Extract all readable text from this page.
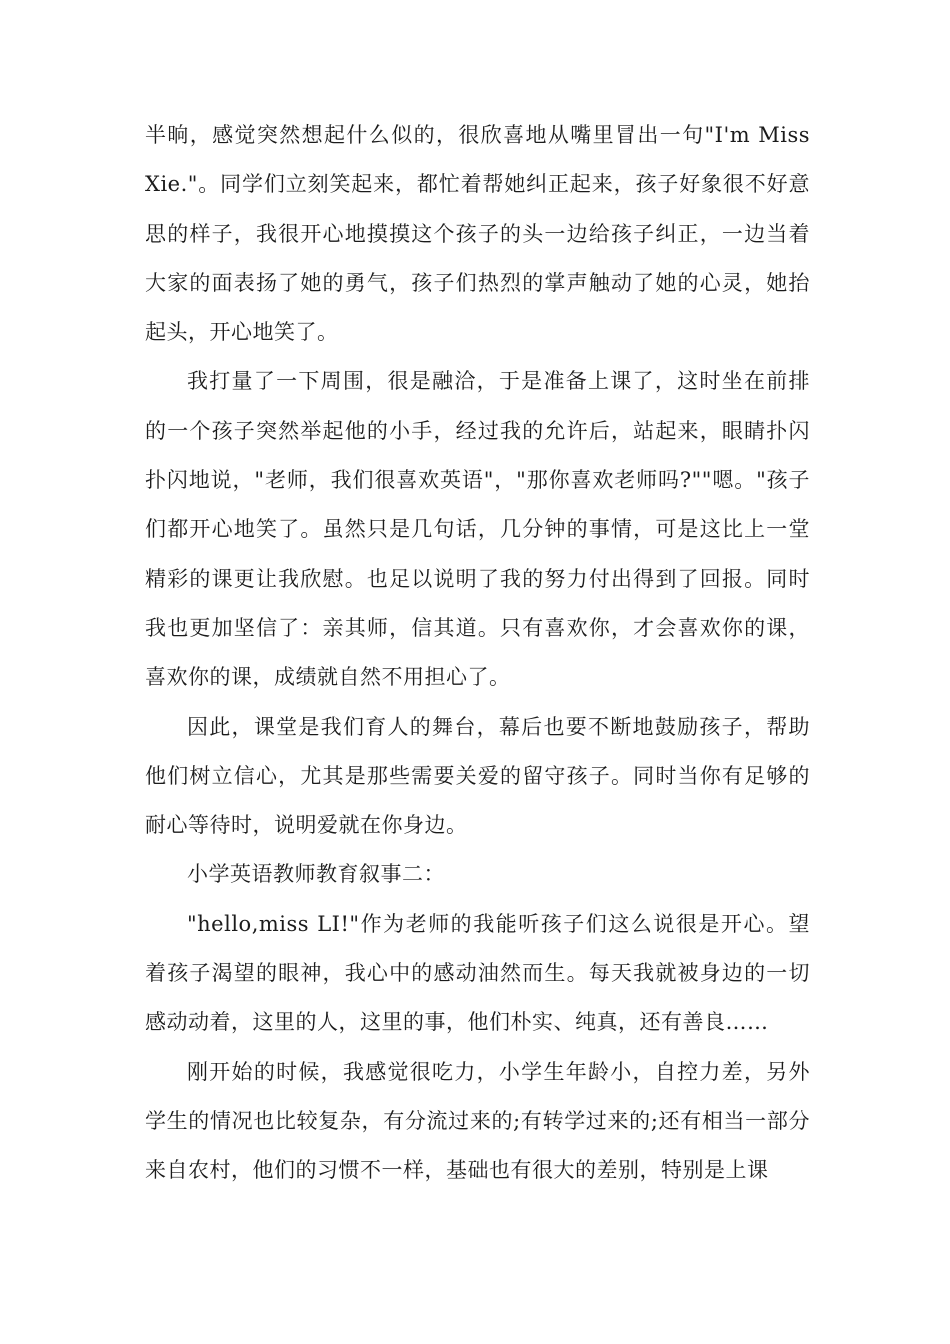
半晌，感觉突然想起什么似的，很欣喜地从嘴里冒出一句"I'm Miss Xie."。同学们立刻笑起来，都忙着帮她纠正起来，孩子好象很不好意思的样子，我很开心地摸摸这个孩子的头一边给孩子纠正，一边当着大家的面表扬了她的勇气，孩子们热烈的掌声触动了她的心灵，她抬起头，开心地笑了。

我打量了一下周围，很是融洽，于是准备上课了，这时坐在前排的一个孩子突然举起他的小手，经过我的允许后，站起来，眼睛扑闪扑闪地说，"老师，我们很喜欢英语"，"那你喜欢老师吗?""嗯。"孩子们都开心地笑了。虽然只是几句话，几分钟的事情，可是这比上一堂精彩的课更让我欣慰。也足以说明了我的努力付出得到了回报。同时我也更加坚信了：亲其师，信其道。只有喜欢你，才会喜欢你的课，喜欢你的课，成绩就自然不用担心了。

因此，课堂是我们育人的舞台，幕后也要不断地鼓励孩子，帮助他们树立信心，尤其是那些需要关爱的留守孩子。同时当你有足够的耐心等待时，说明爱就在你身边。

小学英语教师教育叙事二：

"hello,miss LI!"作为老师的我能听孩子们这么说很是开心。望着孩子渴望的眼神，我心中的感动油然而生。每天我就被身边的一切感动动着，这里的人，这里的事，他们朴实、纯真，还有善良……

刚开始的时候，我感觉很吃力，小学生年龄小，自控力差，另外学生的情况也比较复杂，有分流过来的;有转学过来的;还有相当一部分来自农村，他们的习惯不一样，基础也有很大的差别，特别是上课
